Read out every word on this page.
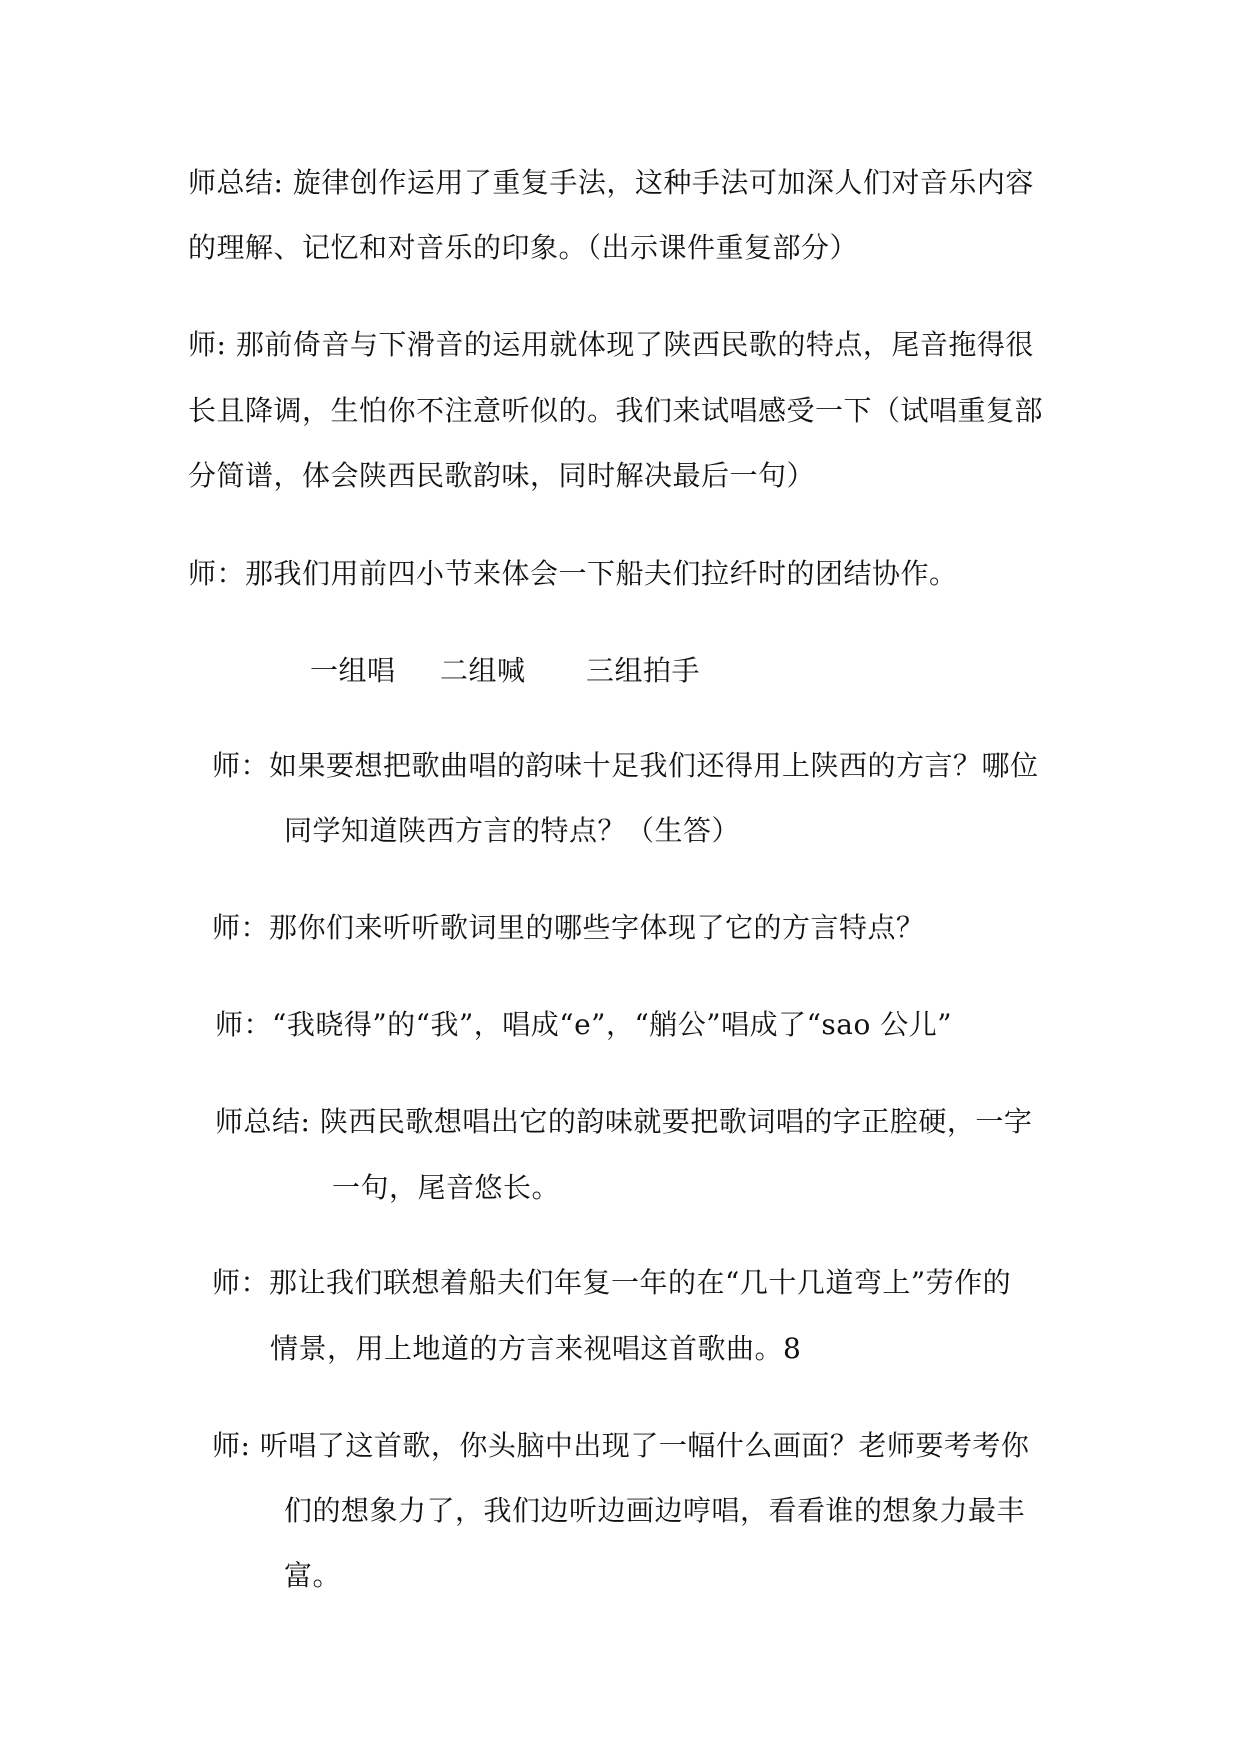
师总结: 旋律创作运用了重复手法，这种手法可加深人们对音乐内容
的理解、记忆和对音乐的印象。（出示课件重复部分）
师: 那前倚音与下滑音的运用就体现了陕西民歌的特点，尾音拖得很
长且降调，生怕你不注意听似的。我们来试唱感受一下（试唱重复部
分简谱，体会陕西民歌韵味，同时解决最后一句）
师：那我们用前四小节来体会一下船夫们拉纤时的团结协作。
一组唱 二组喊 三组拍手
师：如果要想把歌曲唱的韵味十足我们还得用上陕西的方言？哪位
同学知道陕西方言的特点？（生答）
师：那你们来听听歌词里的哪些字体现了它的方言特点？
师：“我晓得”的“我”，唱成“e”，“艄公”唱成了“sao 公儿”
师总结: 陕西民歌想唱出它的韵味就要把歌词唱的字正腔硬，一字
一句，尾音悠长。
师：那让我们联想着船夫们年复一年的在“几十几道弯上”劳作的
情景，用上地道的方言来视唱这首歌曲。8
师: 听唱了这首歌，你头脑中出现了一幅什么画面？老师要考考你
们的想象力了，我们边听边画边哼唱，看看谁的想象力最丰
富。
